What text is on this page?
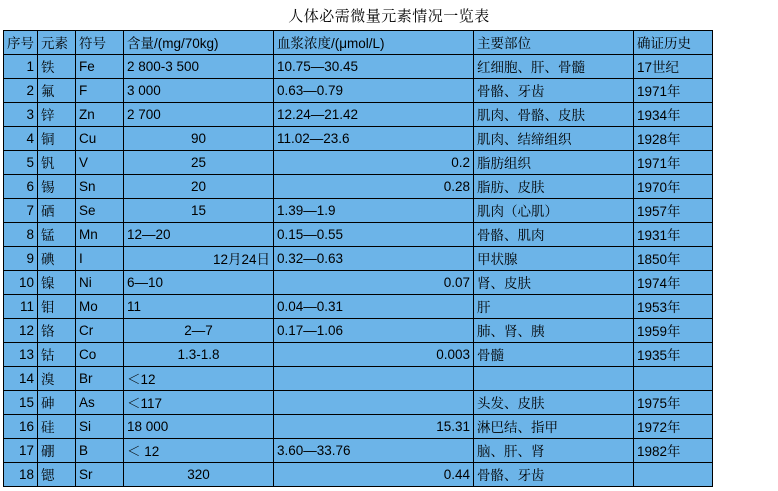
人体必需微量元素情况一览表
序号	元素	符号	含量/(mg/70kg)	血浆浓度/(μmol/L)	主要部位	确证历史
1	铁	Fe	2 800-3 500	10.75—30.45	红细胞、肝、骨髓	17世纪
2	氟	F	3 000	0.63—0.79	骨骼、牙齿	1971年
3	锌	Zn	2 700	12.24—21.42	肌肉、骨骼、皮肤	1934年
4	铜	Cu	90	11.02—23.6	肌肉、结缔组织	1928年
5	钒	V	25	0.2	脂肪组织	1971年
6	锡	Sn	20	0.28	脂肪、皮肤	1970年
7	硒	Se	15	1.39—1.9	肌肉（心肌）	1957年
8	锰	Mn	12—20	0.15—0.55	骨骼、肌肉	1931年
9	碘	I	12月24日	0.32—0.63	甲状腺	1850年
10	镍	Ni	6—10	0.07	肾、皮肤	1974年
11	钼	Mo	11	0.04—0.31	肝	1953年
12	铬	Cr	2—7	0.17—1.06	肺、肾、胰	1959年
13	钴	Co	1.3-1.8	0.003	骨髓	1935年
14	溴	Br	＜12			
15	砷	As	＜117		头发、皮肤	1975年
16	硅	Si	18 000	15.31	淋巴结、指甲	1972年
17	硼	B	＜ 12	3.60—33.76	脑、肝、肾	1982年
18	锶	Sr	320	0.44	骨骼、牙齿	
